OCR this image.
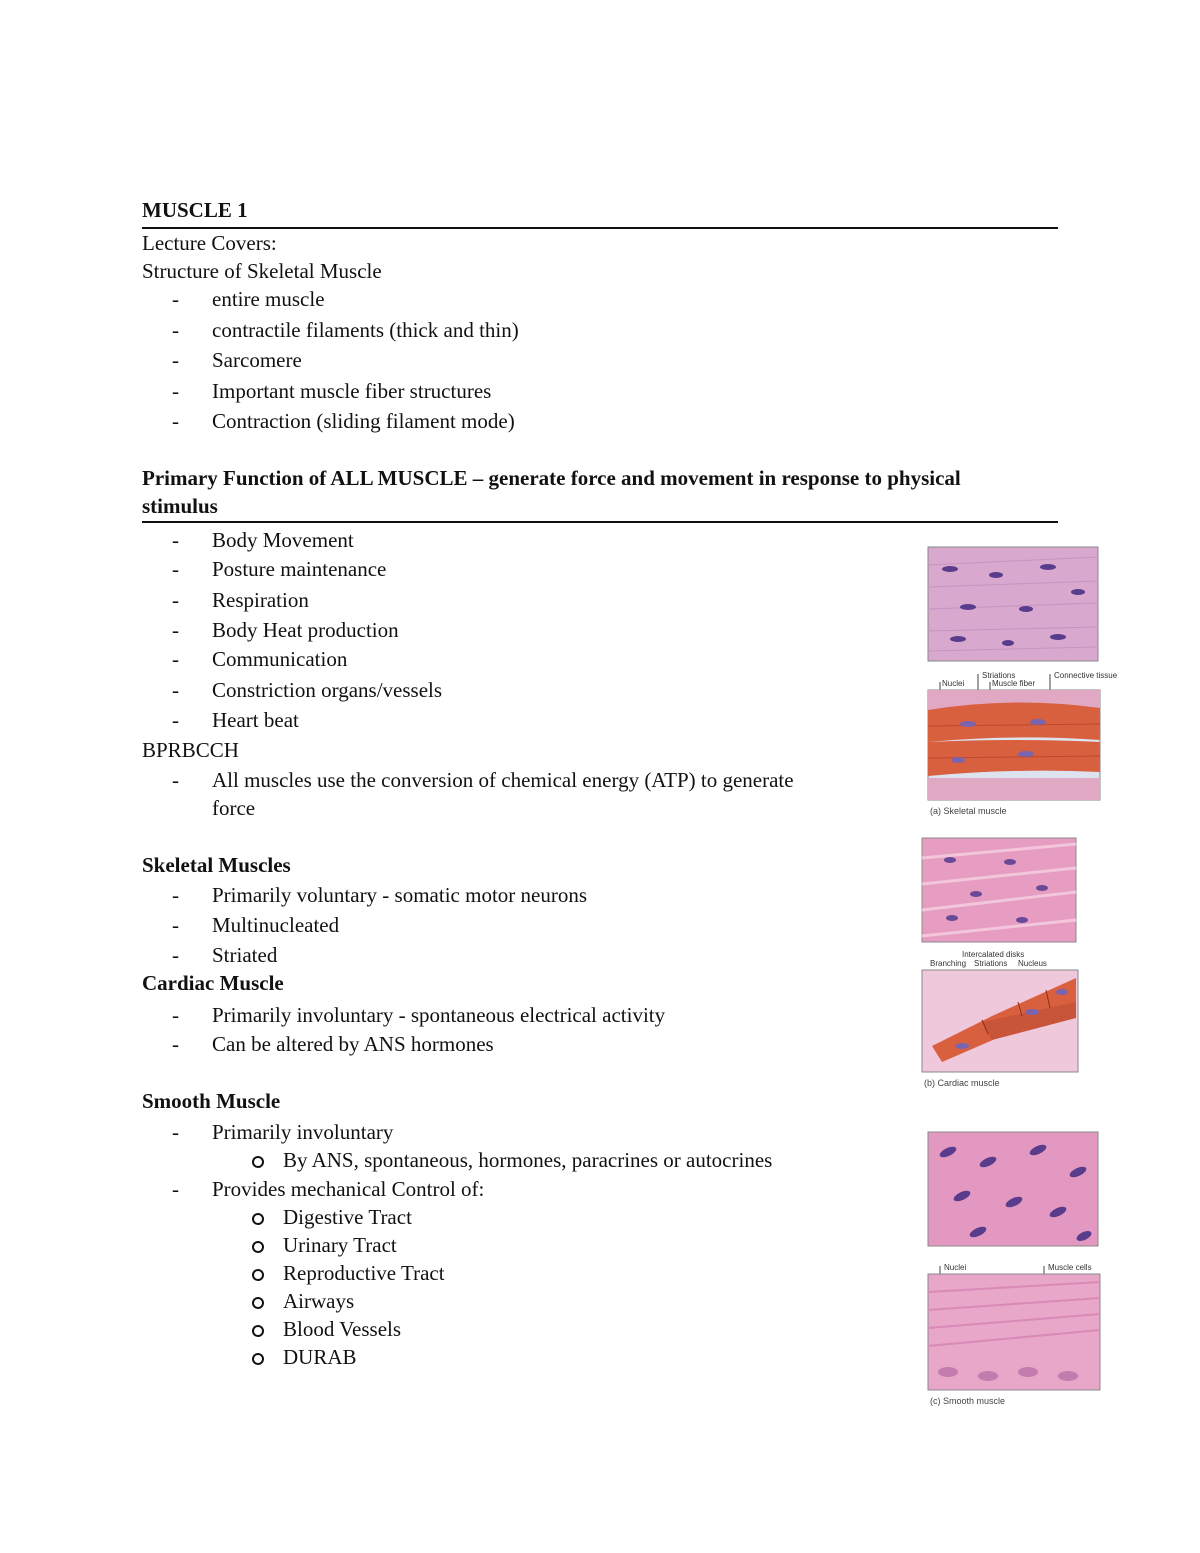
MUSCLE 1
Lecture Covers:
Structure of Skeletal Muscle
- entire muscle
- contractile filaments (thick and thin)
- Sarcomere
- Important muscle fiber structures
- Contraction (sliding filament mode)
Primary Function of ALL MUSCLE – generate force and movement in response to physical
stimulus
- Body Movement
- Posture maintenance
- Respiration
- Body Heat production
- Communication
- Constriction organs/vessels
- Heart beat
BPRBCCH
- All muscles use the conversion of chemical energy (ATP) to generate
force
Skeletal Muscles
- Primarily voluntary - somatic motor neurons
- Multinucleated
- Striated
Cardiac Muscle
- Primarily involuntary - spontaneous electrical activity
- Can be altered by ANS hormones
Smooth Muscle
- Primarily involuntary
By ANS, spontaneous, hormones, paracrines or autocrines
- Provides mechanical Control of:
Digestive Tract
Urinary Tract
Reproductive Tract
Airways
Blood Vessels
DURAB
Nuclei
Striations
Muscle fiber
Connective tissue
(a) Skeletal muscle
Intercalated disks
Branching Striations Nucleus
(b) Cardiac muscle
Nuclei	Muscle cells
(c) Smooth muscle
